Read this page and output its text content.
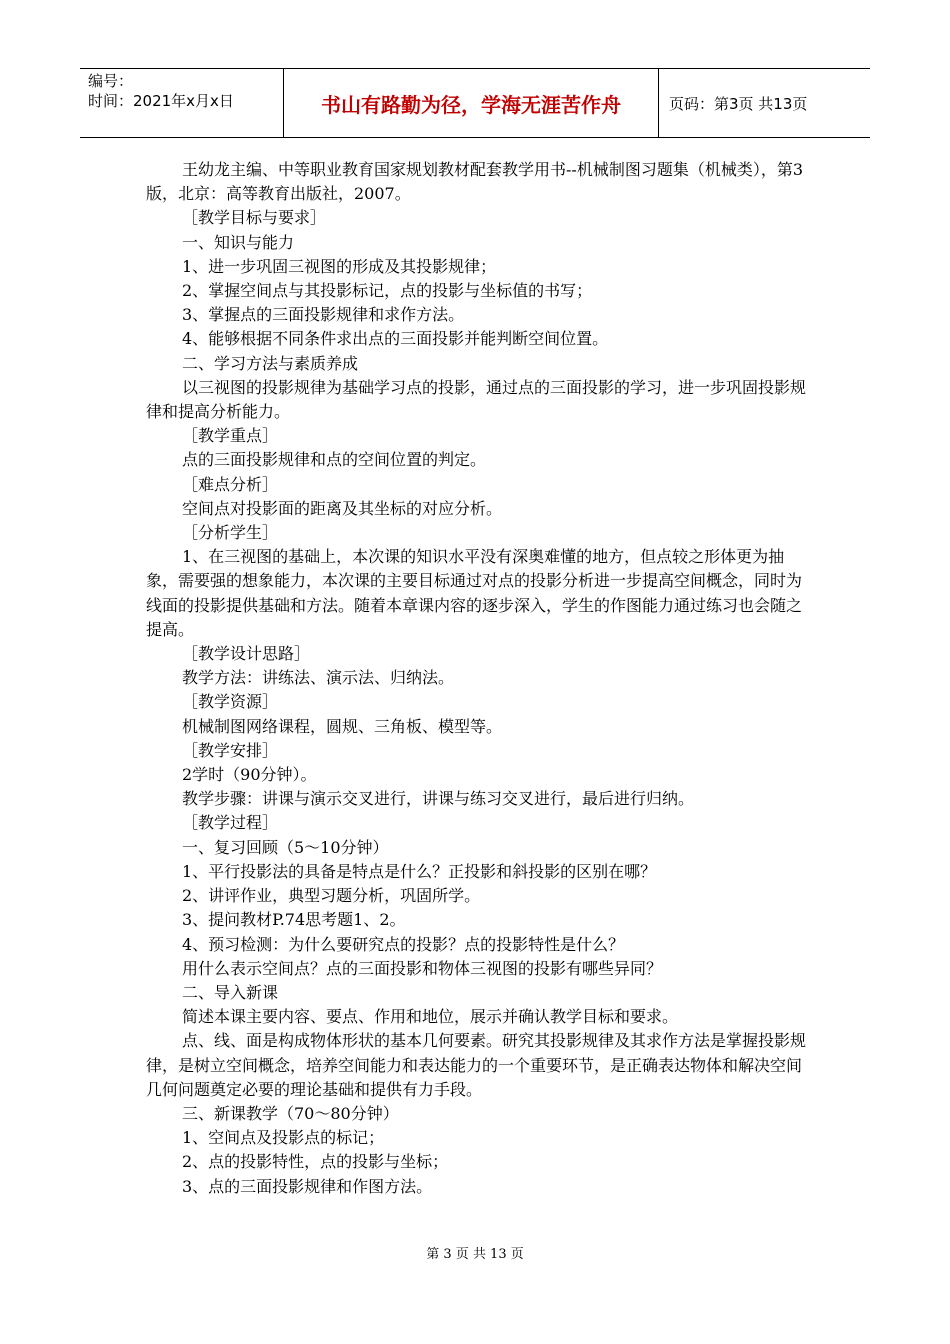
编号：
时间：2021年x月x日	书山有路勤为径，学海无涯苦作舟	页码：第3页 共13页

王幼龙主编、中等职业教育国家规划教材配套教学用书--机械制图习题集（机械类），第3版，北京：高等教育出版社，2007。

［教学目标与要求］

一、知识与能力

1、进一步巩固三视图的形成及其投影规律；

2、掌握空间点与其投影标记，点的投影与坐标值的书写；

3、掌握点的三面投影规律和求作方法。

4、能够根据不同条件求出点的三面投影并能判断空间位置。

二、学习方法与素质养成

以三视图的投影规律为基础学习点的投影，通过点的三面投影的学习，进一步巩固投影规律和提高分析能力。

［教学重点］

点的三面投影规律和点的空间位置的判定。

［难点分析］

空间点对投影面的距离及其坐标的对应分析。

［分析学生］

1、在三视图的基础上，本次课的知识水平没有深奥难懂的地方，但点较之形体更为抽象，需要强的想象能力，本次课的主要目标通过对点的投影分析进一步提高空间概念，同时为线面的投影提供基础和方法。随着本章课内容的逐步深入，学生的作图能力通过练习也会随之提高。

［教学设计思路］

教学方法：讲练法、演示法、归纳法。

［教学资源］

机械制图网络课程，圆规、三角板、模型等。

［教学安排］

2学时（90分钟）。

教学步骤：讲课与演示交叉进行，讲课与练习交叉进行，最后进行归纳。

［教学过程］

一、复习回顾（5～10分钟）

1、平行投影法的具备是特点是什么？正投影和斜投影的区别在哪？

2、讲评作业，典型习题分析，巩固所学。

3、提问教材P.74思考题1、2。

4、预习检测：为什么要研究点的投影？点的投影特性是什么？

用什么表示空间点？点的三面投影和物体三视图的投影有哪些异同？

二、导入新课

简述本课主要内容、要点、作用和地位，展示并确认教学目标和要求。

点、线、面是构成物体形状的基本几何要素。研究其投影规律及其求作方法是掌握投影规律，是树立空间概念，培养空间能力和表达能力的一个重要环节，是正确表达物体和解决空间几何问题奠定必要的理论基础和提供有力手段。

三、新课教学（70～80分钟）

1、空间点及投影点的标记；

2、点的投影特性，点的投影与坐标；

3、点的三面投影规律和作图方法。

第 3 页 共 13 页
